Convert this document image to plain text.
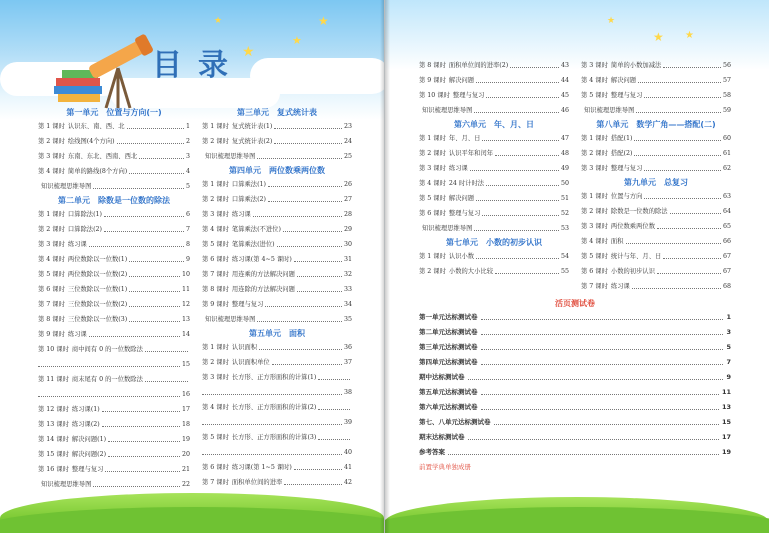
★
★
★
★
目录
第一单元　位置与方向(一)
第 1 课时 认识东、南、西、北	1
第 2 课时 绘线图(4个方向)	2
第 3 课时 东南、东北、西南、西北	3
第 4 课时 简单的路线(8个方向)	4
知识梳理思维导图	5
第二单元　除数是一位数的除法
第 1 课时 口算除法(1)	6
第 2 课时 口算除法(2)	7
第 3 课时 练习课	8
第 4 课时 两位数除以一位数(1)	9
第 5 课时 两位数除以一位数(2)	10
第 6 课时 三位数除以一位数(1)	11
第 7 课时 三位数除以一位数(2)	12
第 8 课时 三位数除以一位数(3)	13
第 9 课时 练习课	14
第 10 课时 商中间有 0 的一位数除法
15
第 11 课时 商末尾有 0 的一位数除法
16
第 12 课时 练习课(1)	17
第 13 课时 练习课(2)	18
第 14 课时 解决问题(1)	19
第 15 课时 解决问题(2)	20
第 16 课时 整理与复习	21
知识梳理思维导图	22
第三单元　复式统计表
第 1 课时 复式统计表(1)	23
第 2 课时 复式统计表(2)	24
知识梳理思维导图	25
第四单元　两位数乘两位数
第 1 课时 口算乘法(1)	26
第 2 课时 口算乘法(2)	27
第 3 课时 练习课	28
第 4 课时 笔算乘法(不进位)	29
第 5 课时 笔算乘法(进位)	30
第 6 课时 练习课(第 4~5 课时)	31
第 7 课时 用连乘的方法解决问题	32
第 8 课时 用连除的方法解决问题	33
第 9 课时 整理与复习	34
知识梳理思维导图	35
第五单元　面积
第 1 课时 认识面积	36
第 2 课时 认识面积单位	37
第 3 课时 长方形、正方形面积的计算(1)
38
第 4 课时 长方形、正方形面积的计算(2)
39
第 5 课时 长方形、正方形面积的计算(3)
40
第 6 课时 练习课(第 1~5 课时)	41
第 7 课时 面积单位间的进率	42
★
★ ★
第 8 课时 面积单位间的进率(2)	43
第 9 课时 解决问题	44
第 10 课时 整理与复习	45
知识梳理思维导图	46
第六单元　年、月、日
第 1 课时 年、月、日	47
第 2 课时 认识平年和闰年	48
第 3 课时 练习课	49
第 4 课时 24 时计时法	50
第 5 课时 解决问题	51
第 6 课时 整理与复习	52
知识梳理思维导图	53
第七单元　小数的初步认识
第 1 课时 认识小数	54
第 2 课时 小数的大小比较	55
第 3 课时 简单的小数加减法	56
第 4 课时 解决问题	57
第 5 课时 整理与复习	58
知识梳理思维导图	59
第八单元　数学广角——搭配(二)
第 1 课时 搭配(1)	60
第 2 课时 搭配(2)	61
第 3 课时 整理与复习	62
第九单元　总复习
第 1 课时 位置与方向	63
第 2 课时 除数是一位数的除法	64
第 3 课时 两位数乘两位数	65
第 4 课时 面积	66
第 5 课时 统计与年、月、日	67
第 6 课时 小数的初步认识	67
第 7 课时 练习课	68
活页测试卷
第一单元达标测试卷	1
第二单元达标测试卷	3
第三单元达标测试卷	5
第四单元达标测试卷	7
期中达标测试卷	9
第五单元达标测试卷	11
第六单元达标测试卷	13
第七、八单元达标测试卷	15
期末达标测试卷	17
参考答案	19
前置学典单独成册
